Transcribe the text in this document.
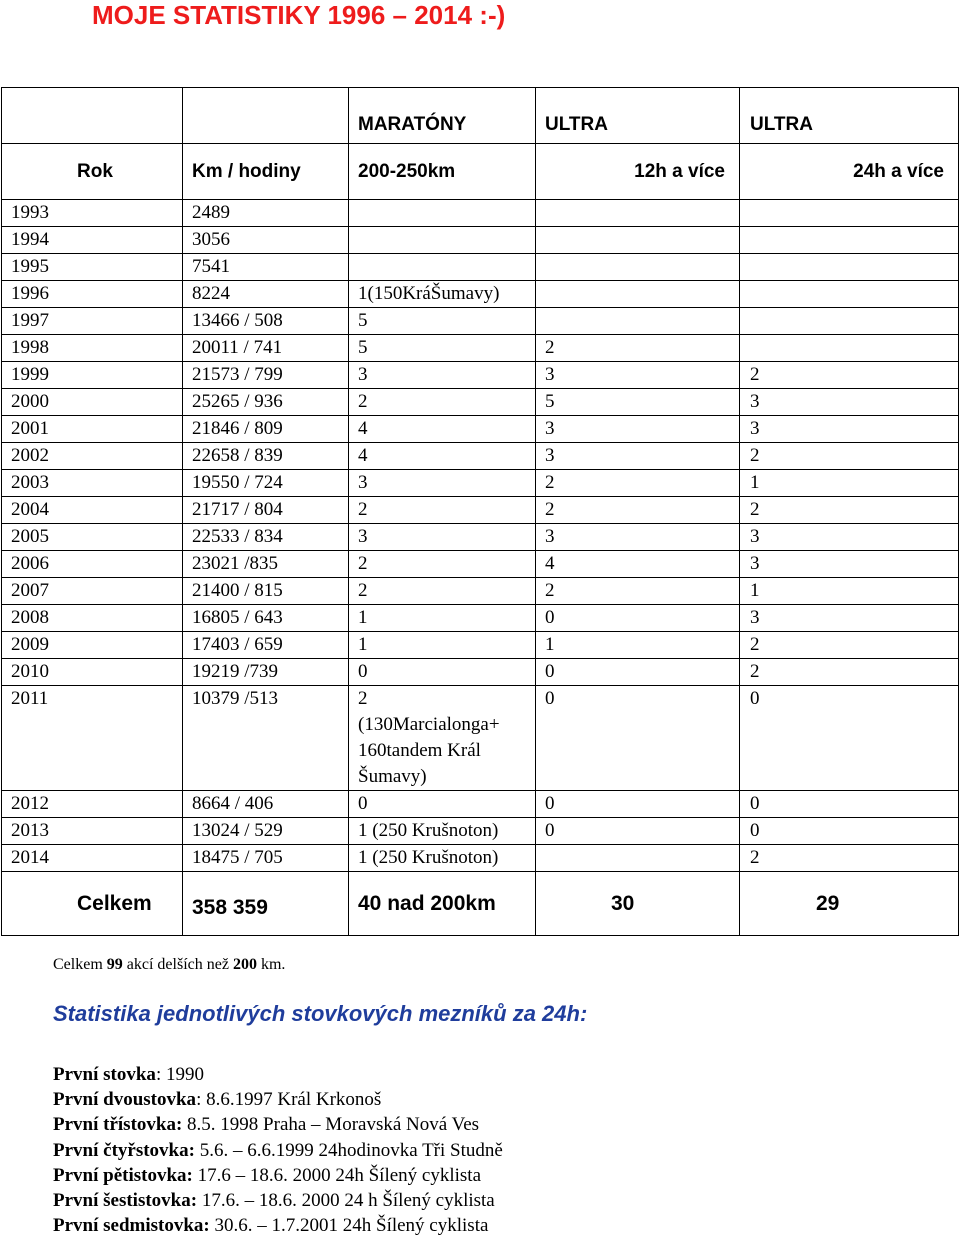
MOJE STATISTIKY 1996 – 2014 :-)

		MARATÓNY	ULTRA	ULTRA

Rok	Km / hodiny	200-250km	12h a více	24h a více
1993	2489			
1994	3056			
1995	7541			
1996	8224	1(150KráŠumavy)		
1997	13466 / 508	5		
1998	20011 / 741	5	2	
1999	21573 / 799	3	3	2
2000	25265 / 936	2	5	3
2001	21846 / 809	4	3	3
2002	22658 / 839	4	3	2
2003	19550 / 724	3	2	1
2004	21717 / 804	2	2	2
2005	22533 / 834	3	3	3
2006	23021 /835	2	4	3
2007	21400 / 815	2	2	1
2008	16805 / 643	1	0	3
2009	17403 / 659	1	1	2
2010	19219 /739	0	0	2
2011	10379 /513	2
(130Marcialonga+
160tandem Král
Šumavy)	0	0
2012	8664 / 406	0	0	0
2013	13024 / 529	1 (250 Krušnoton)	0	0
2014	18475 / 705	1 (250 Krušnoton)		2
Celkem	358 359	40 nad 200km	30	29
Celkem 99 akcí delších než 200 km.
Statistika jednotlivých stovkových mezníků za 24h:
První stovka: 1990
První dvoustovka: 8.6.1997 Král Krkonoš
První třístovka: 8.5. 1998 Praha – Moravská Nová Ves
První čtyřstovka: 5.6. – 6.6.1999 24hodinovka Tři Studně
První pětistovka: 17.6 – 18.6. 2000 24h Šílený cyklista
První šestistovka: 17.6. – 18.6. 2000 24 h Šílený cyklista
První sedmistovka: 30.6. – 1.7.2001 24h Šílený cyklista
